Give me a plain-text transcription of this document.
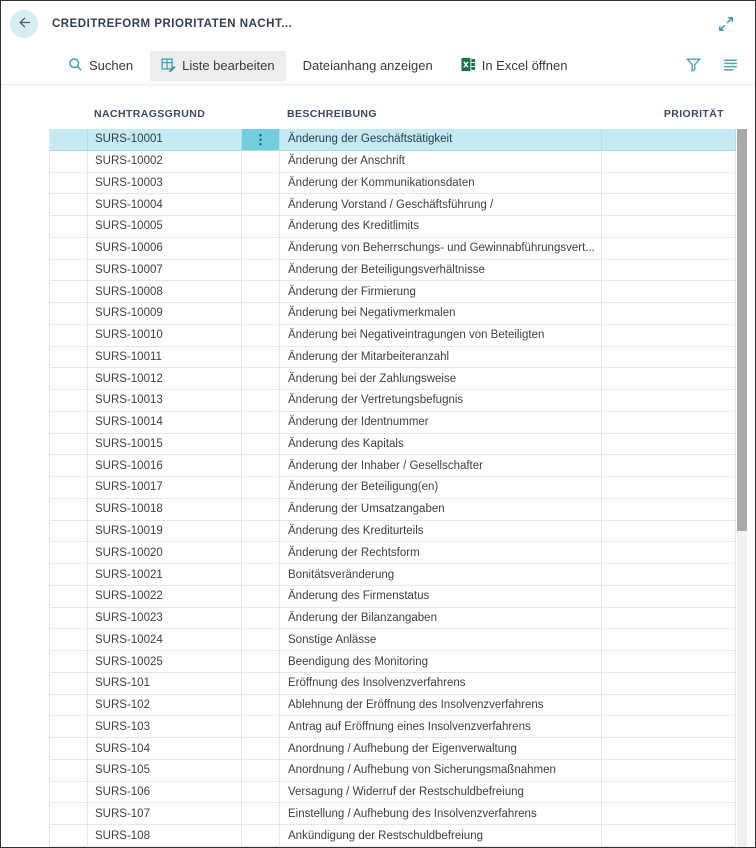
CREDITREFORM PRIORITATEN NACHT...
Suchen	Liste bearbeiten Dateianhang anzeigen	In Excel öffnen
NACHTRAGSGRUND	BESCHREIBUNG	PRIORITÄT
SURS-10001	⋮	Änderung der Geschäftstätigkeit
SURS-10002	Änderung der Anschrift
SURS-10003	Änderung der Kommunikationsdaten
SURS-10004	Änderung Vorstand / Geschäftsführung /
SURS-10005	Änderung des Kreditlimits
SURS-10006	Änderung von Beherrschungs- und Gewinnabführungsvert...
SURS-10007	Änderung der Beteiligungsverhältnisse
SURS-10008	Änderung der Firmierung
SURS-10009	Änderung bei Negativmerkmalen
SURS-10010	Änderung bei Negativeintragungen von Beteiligten
SURS-10011	Änderung der Mitarbeiteranzahl
SURS-10012	Änderung bei der Zahlungsweise
SURS-10013	Änderung der Vertretungsbefugnis
SURS-10014	Änderung der Identnummer
SURS-10015	Änderung des Kapitals
SURS-10016	Änderung der Inhaber / Gesellschafter
SURS-10017	Änderung der Beteiligung(en)
SURS-10018	Änderung der Umsatzangaben
SURS-10019	Änderung des Krediturteils
SURS-10020	Änderung der Rechtsform
SURS-10021	Bonitätsveränderung
SURS-10022	Änderung des Firmenstatus
SURS-10023	Änderung der Bilanzangaben
SURS-10024	Sonstige Anlässe
SURS-10025	Beendigung des Monitoring
SURS-101	Eröffnung des Insolvenzverfahrens
SURS-102	Ablehnung der Eröffnung des Insolvenzverfahrens
SURS-103	Antrag auf Eröffnung eines Insolvenzverfahrens
SURS-104	Anordnung / Aufhebung der Eigenverwaltung
SURS-105	Anordnung / Aufhebung von Sicherungsmaßnahmen
SURS-106	Versagung / Widerruf der Restschuldbefreiung
SURS-107	Einstellung / Aufhebung des Insolvenzverfahrens
SURS-108	Ankündigung der Restschuldbefreiung
